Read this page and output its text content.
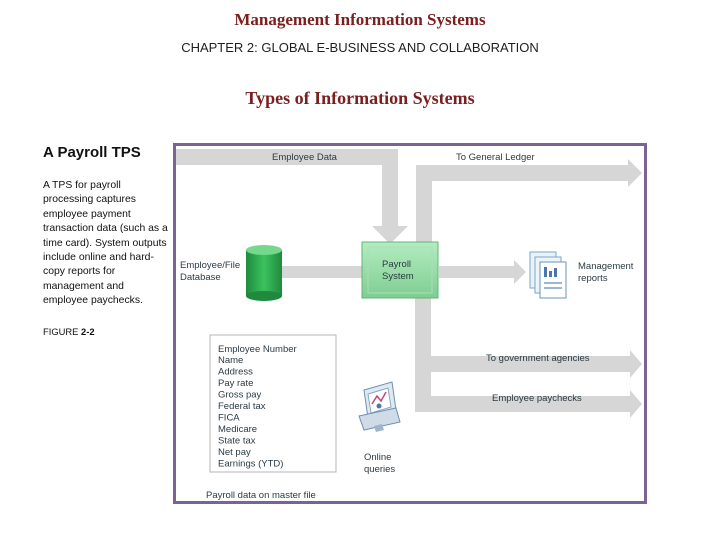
Management Information Systems
CHAPTER 2: GLOBAL E-BUSINESS AND COLLABORATION
Types of Information Systems
A Payroll TPS
A TPS for payroll processing captures employee payment transaction data (such as a time card). System outputs include online and hard-copy reports for management and employee paychecks.
FIGURE 2-2
Employee/File
Database
Payroll
System
Management
reports
Employee Data	To General Ledger
To government agencies
Employee paychecks
Employee Number
Name
Address
Pay rate
Gross pay
Federal tax
FICA
Medicare
State tax
Net pay
Earnings (YTD)
Payroll data on master file
Online
queries
